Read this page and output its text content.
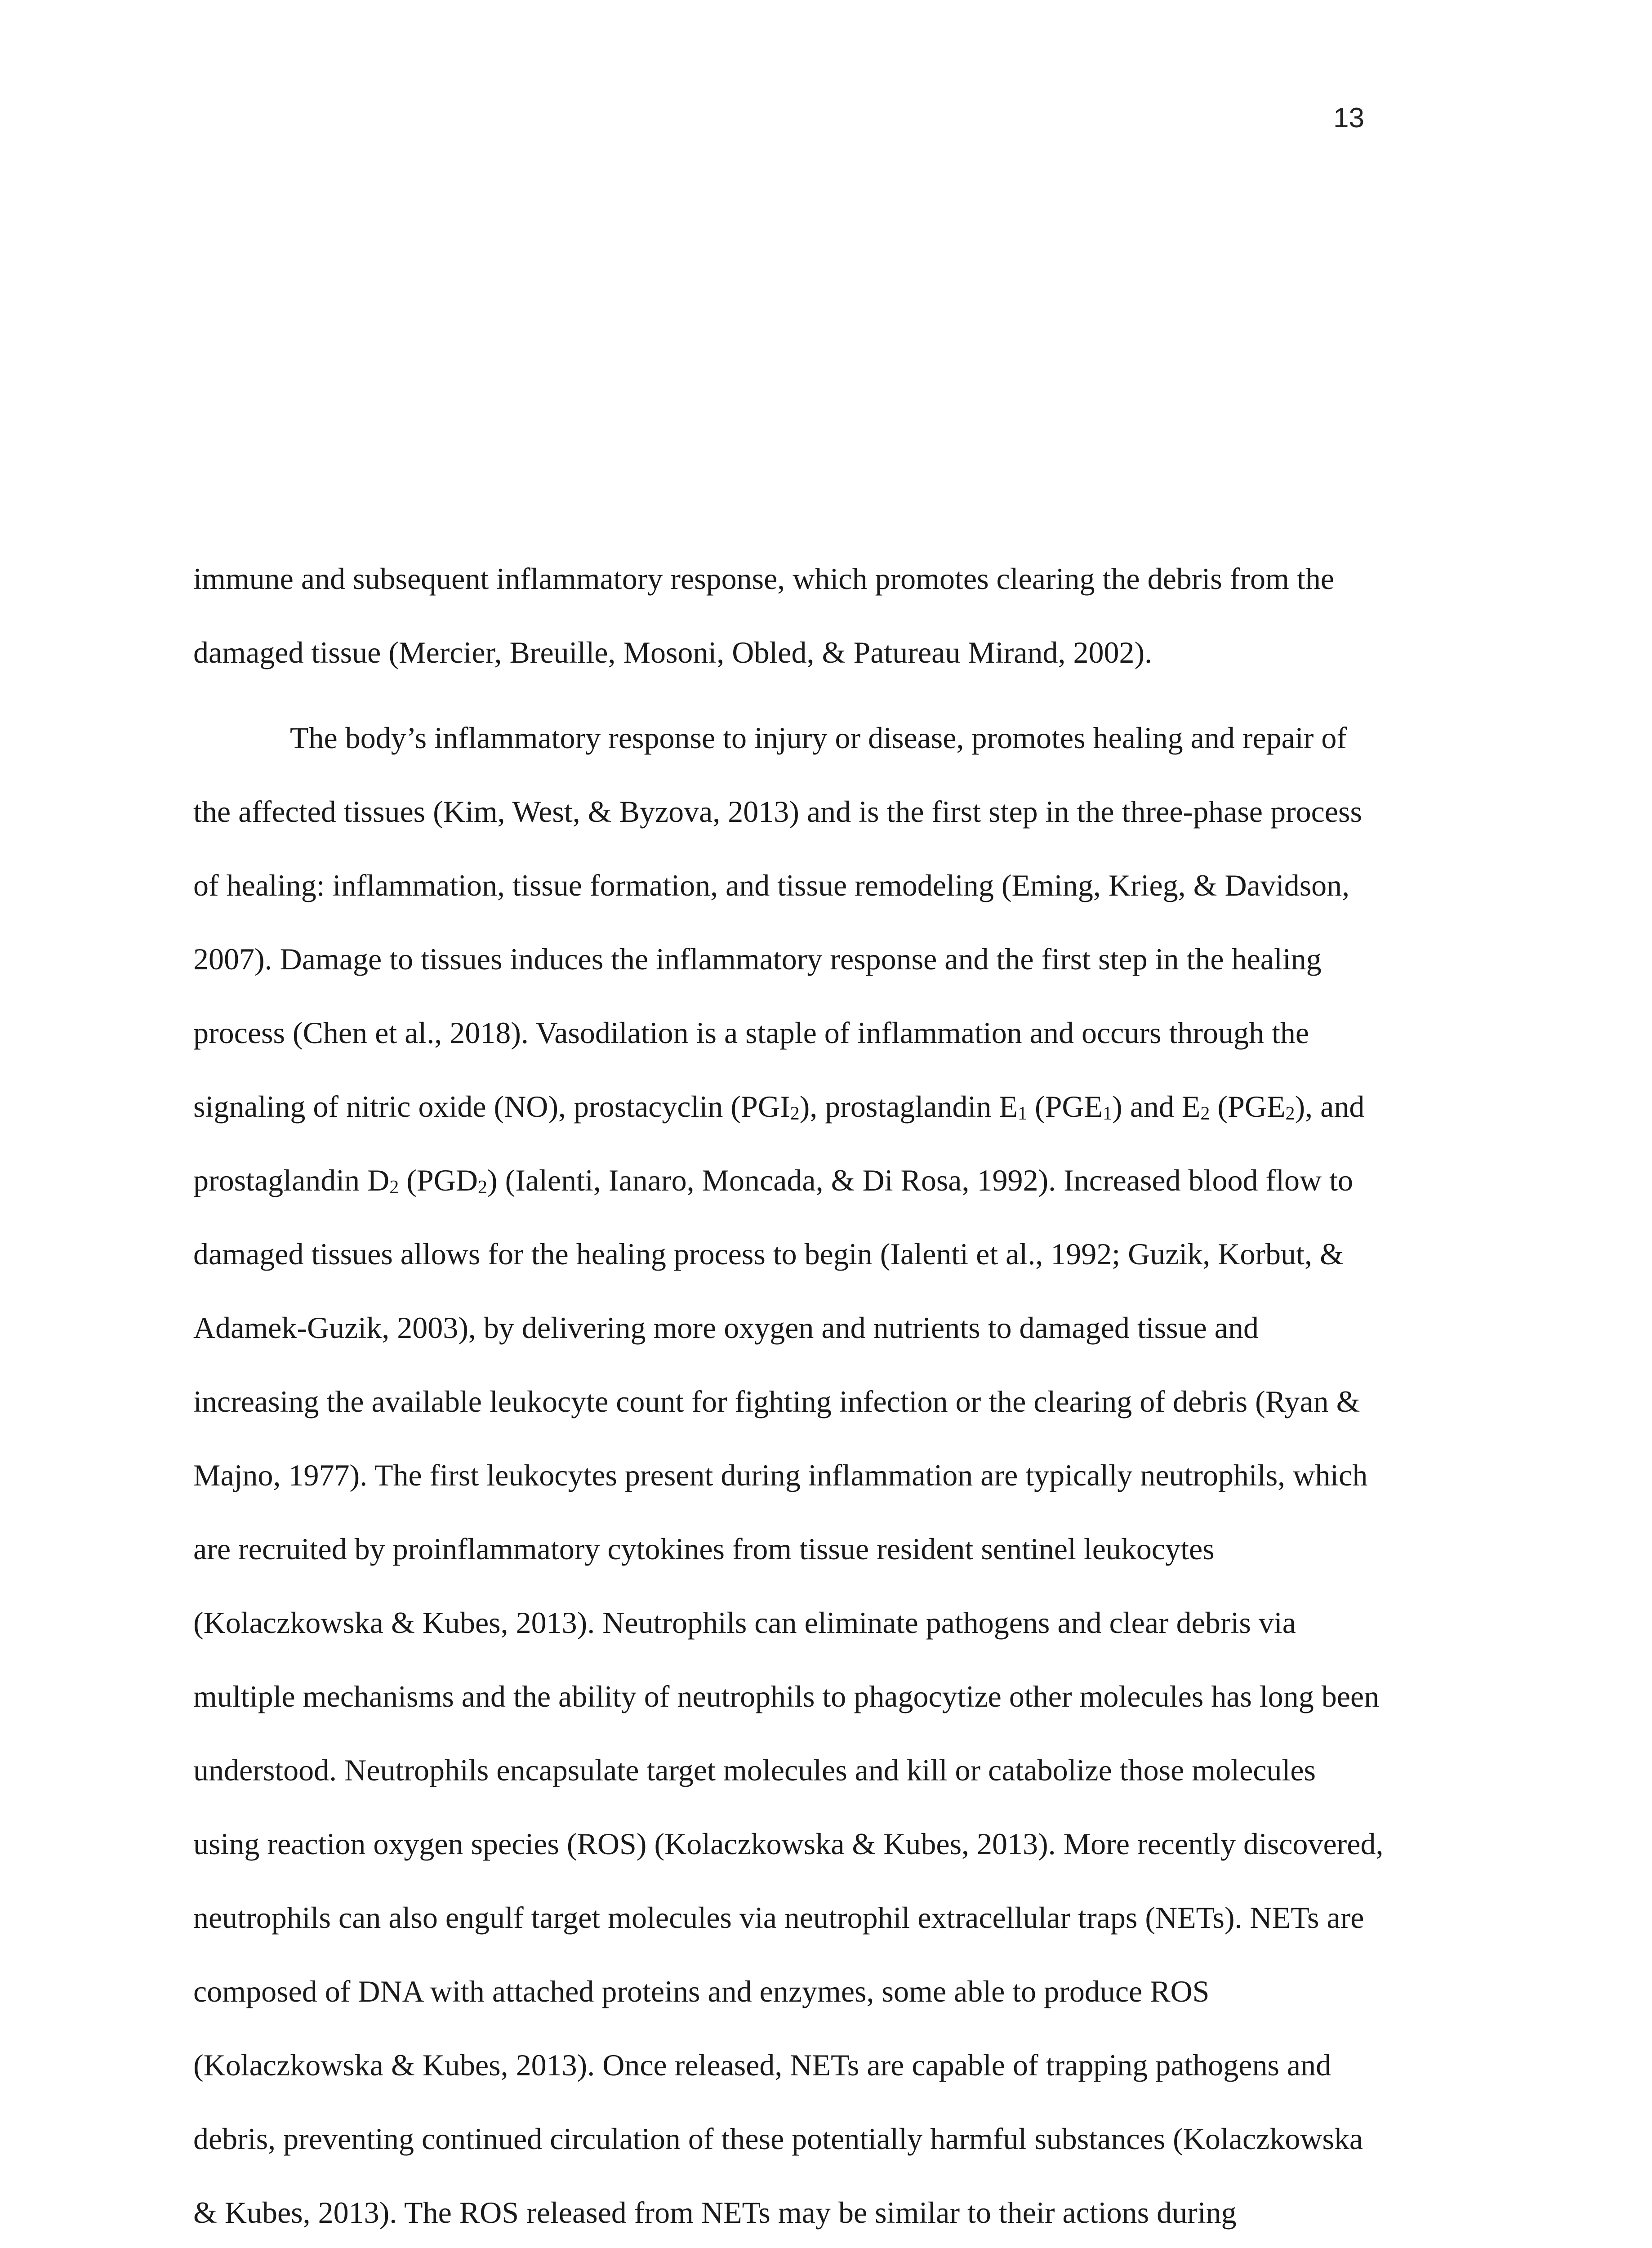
13
immune and subsequent inflammatory response, which promotes clearing the debris from the
damaged tissue (Mercier, Breuille, Mosoni, Obled, & Patureau Mirand, 2002).
The body’s inflammatory response to injury or disease, promotes healing and repair of
the affected tissues (Kim, West, & Byzova, 2013) and is the first step in the three-phase process
of healing: inflammation, tissue formation, and tissue remodeling (Eming, Krieg, & Davidson,
2007). Damage to tissues induces the inflammatory response and the first step in the healing
process (Chen et al., 2018). Vasodilation is a staple of inflammation and occurs through the
signaling of nitric oxide (NO), prostacyclin (PGI2), prostaglandin E1 (PGE1) and E2 (PGE2), and
prostaglandin D2 (PGD2) (Ialenti, Ianaro, Moncada, & Di Rosa, 1992). Increased blood flow to
damaged tissues allows for the healing process to begin (Ialenti et al., 1992; Guzik, Korbut, &
Adamek-Guzik, 2003), by delivering more oxygen and nutrients to damaged tissue and
increasing the available leukocyte count for fighting infection or the clearing of debris (Ryan &
Majno, 1977). The first leukocytes present during inflammation are typically neutrophils, which
are recruited by proinflammatory cytokines from tissue resident sentinel leukocytes
(Kolaczkowska & Kubes, 2013). Neutrophils can eliminate pathogens and clear debris via
multiple mechanisms and the ability of neutrophils to phagocytize other molecules has long been
understood. Neutrophils encapsulate target molecules and kill or catabolize those molecules
using reaction oxygen species (ROS) (Kolaczkowska & Kubes, 2013). More recently discovered,
neutrophils can also engulf target molecules via neutrophil extracellular traps (NETs). NETs are
composed of DNA with attached proteins and enzymes, some able to produce ROS
(Kolaczkowska & Kubes, 2013). Once released, NETs are capable of trapping pathogens and
debris, preventing continued circulation of these potentially harmful substances (Kolaczkowska
& Kubes, 2013). The ROS released from NETs may be similar to their actions during
